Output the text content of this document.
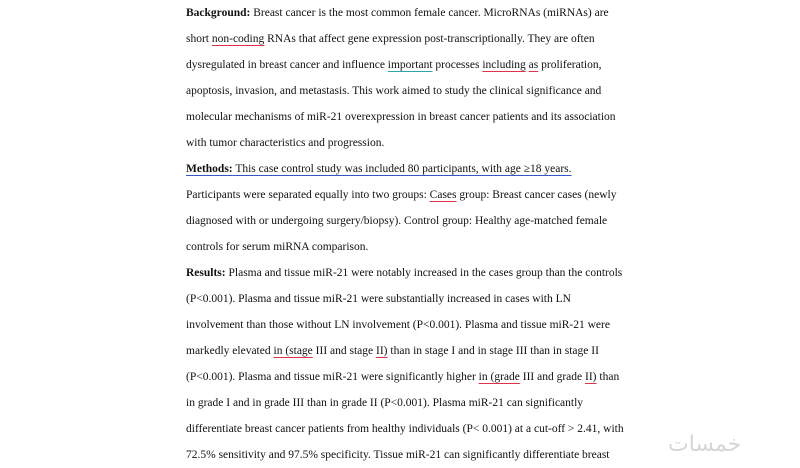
Background: Breast cancer is the most common female cancer. MicroRNAs (miRNAs) are
short non-coding RNAs that affect gene expression post-transcriptionally. They are often
dysregulated in breast cancer and influence important processes including as proliferation,
apoptosis, invasion, and metastasis. This work aimed to study the clinical significance and
molecular mechanisms of miR-21 overexpression in breast cancer patients and its association
with tumor characteristics and progression.
Methods: This case control study was included 80 participants, with age ≥18 years.
Participants were separated equally into two groups: Cases group: Breast cancer cases (newly
diagnosed with or undergoing surgery/biopsy). Control group: Healthy age-matched female
controls for serum miRNA comparison.
Results: Plasma and tissue miR-21 were notably increased in the cases group than the controls
(P<0.001). Plasma and tissue miR-21 were substantially increased in cases with LN
involvement than those without LN involvement (P<0.001). Plasma and tissue miR-21 were
markedly elevated in (stage III and stage II) than in stage I and in stage III than in stage II
(P<0.001). Plasma and tissue miR-21 were significantly higher in (grade III and grade II) than
in grade I and in grade III than in grade II (P<0.001). Plasma miR-21 can significantly
differentiate breast cancer patients from healthy individuals (P< 0.001) at a cut-off > 2.41, with
72.5% sensitivity and 97.5% specificity. Tissue miR-21 can significantly differentiate breast	خمسات
